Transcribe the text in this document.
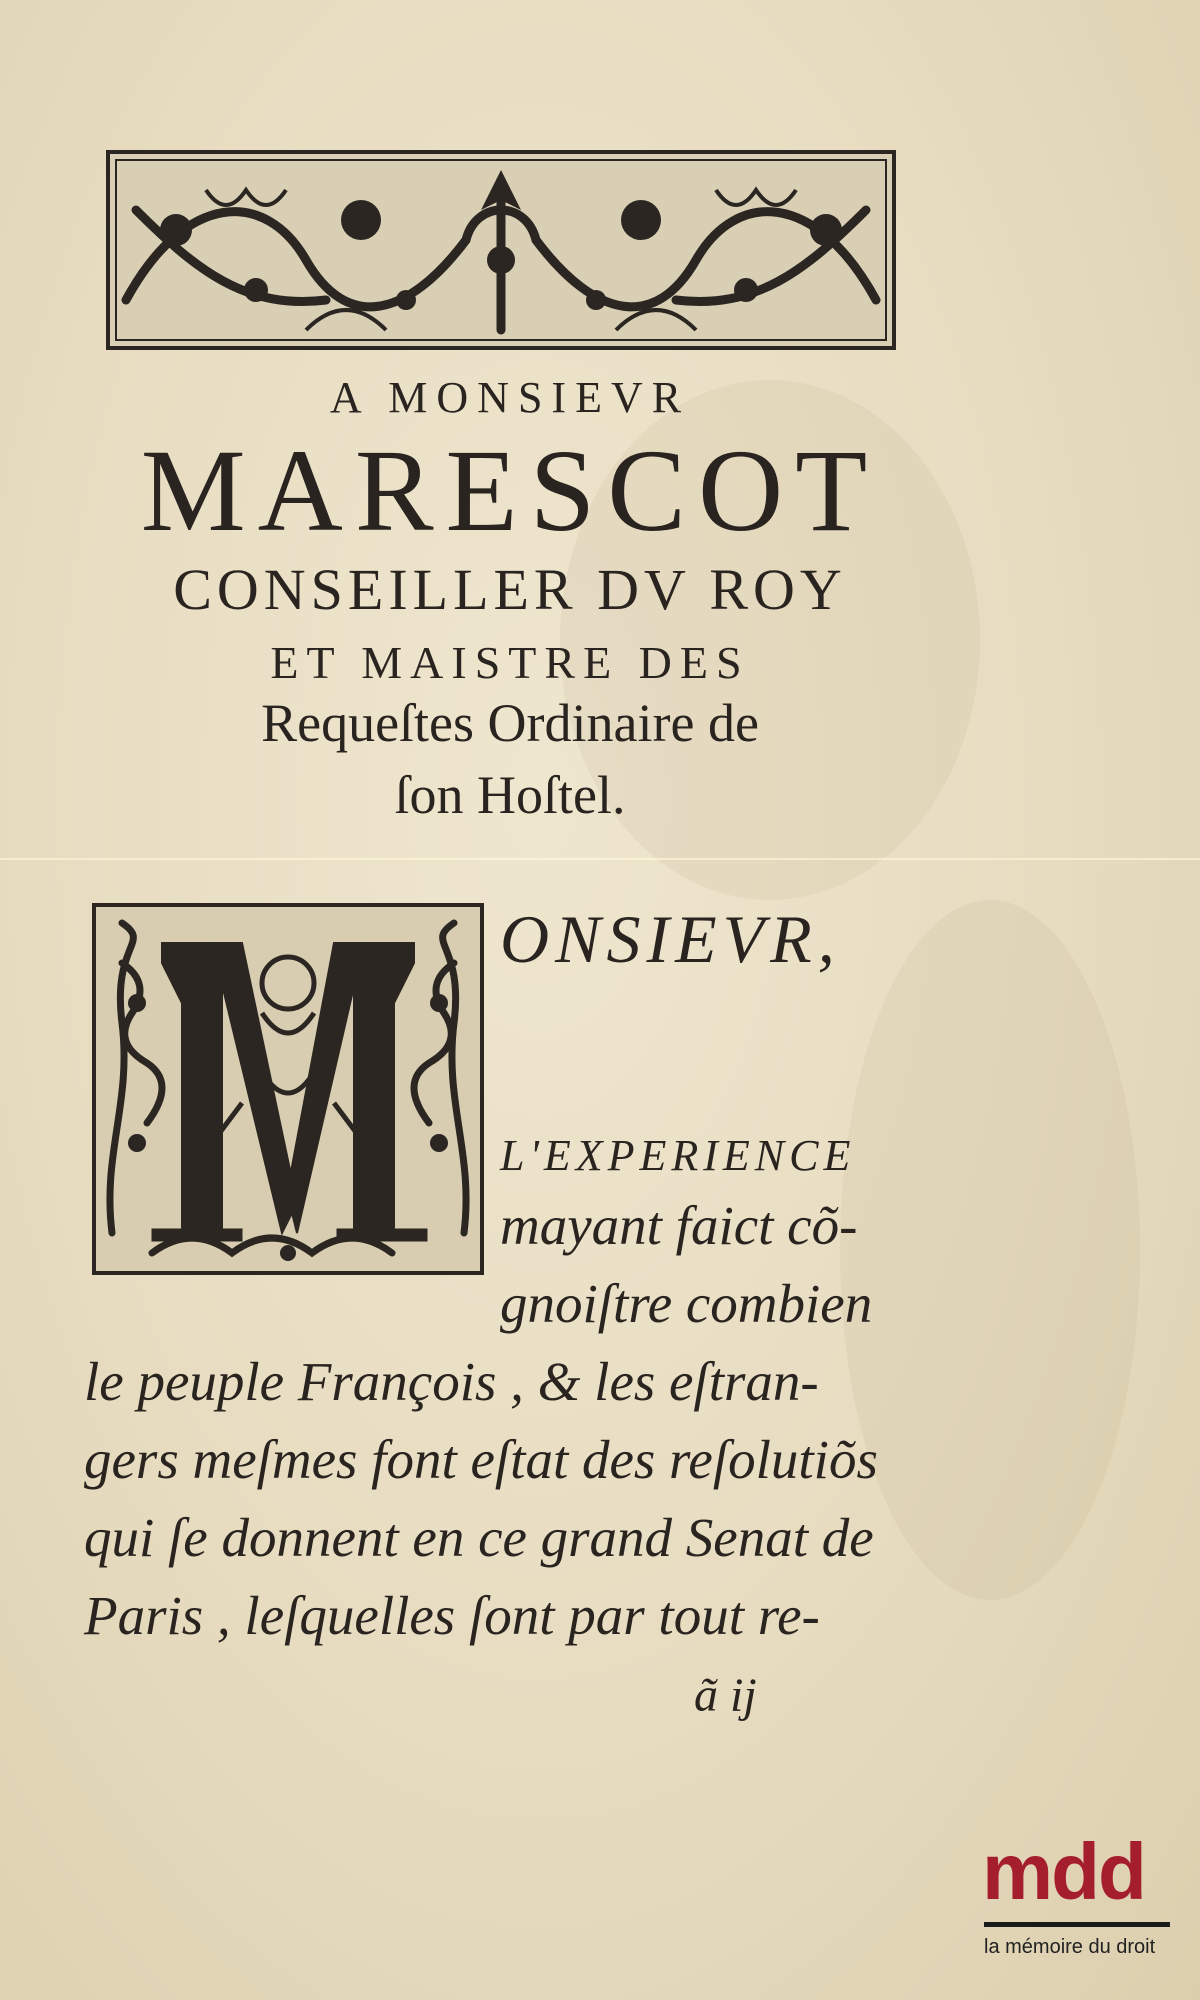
A MONSIEVR
MARESCOT
CONSEILLER DV ROY
ET MAISTRE DES
Requeſtes Ordinaire de
ſon Hoſtel.
ONSIEVR,
L'EXPERIENCE
mayant faict cõ-
gnoiſtre combien
le peuple François , & les eſtran-
gers meſmes font eſtat des reſolutiõs
qui ſe donnent en ce grand Senat de
Paris , leſquelles ſont par tout re-
ã ij
mdd
la mémoire du droit
